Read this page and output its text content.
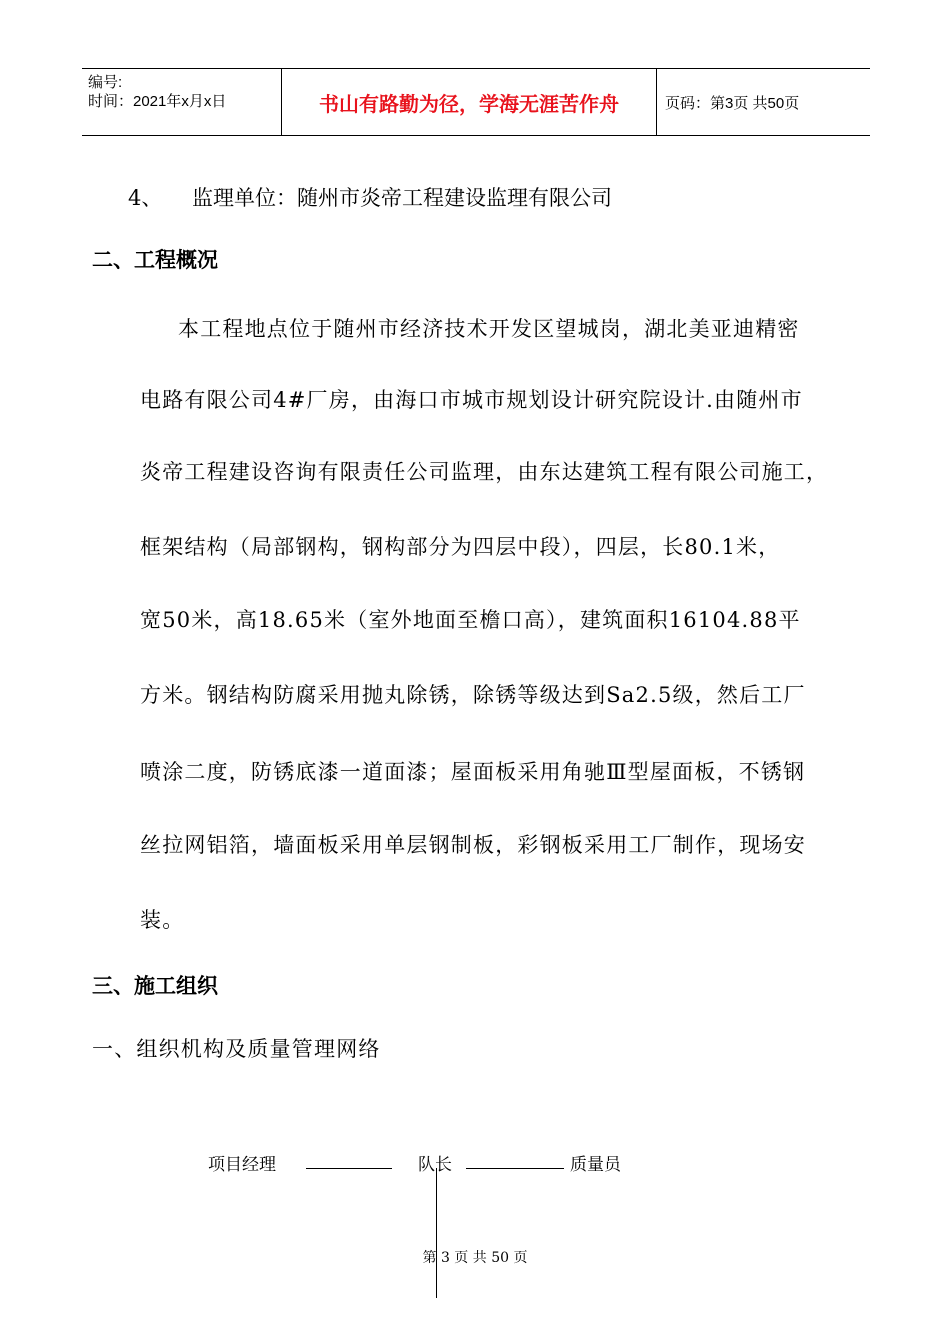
编号:
时间：2021年x月x日	书山有路勤为径，学海无涯苦作舟	页码：第3页 共50页
4、 监理单位：随州市炎帝工程建设监理有限公司
二、工程概况
本工程地点位于随州市经济技术开发区望城岗，湖北美亚迪精密
电路有限公司4#厂房，由海口市城市规划设计研究院设计.由随州市
炎帝工程建设咨询有限责任公司监理，由东达建筑工程有限公司施工，
框架结构（局部钢构，钢构部分为四层中段），四层，长80.1米，
宽50米，高18.65米（室外地面至檐口高），建筑面积16104.88平
方米。钢结构防腐采用抛丸除锈，除锈等级达到Sa2.5级，然后工厂
喷涂二度，防锈底漆一道面漆；屋面板采用角驰Ⅲ型屋面板，不锈钢
丝拉网铝箔，墙面板采用单层钢制板，彩钢板采用工厂制作，现场安
装。
三、施工组织
一、组织机构及质量管理网络
项目经理	队长	质量员
第 3 页 共 50 页
